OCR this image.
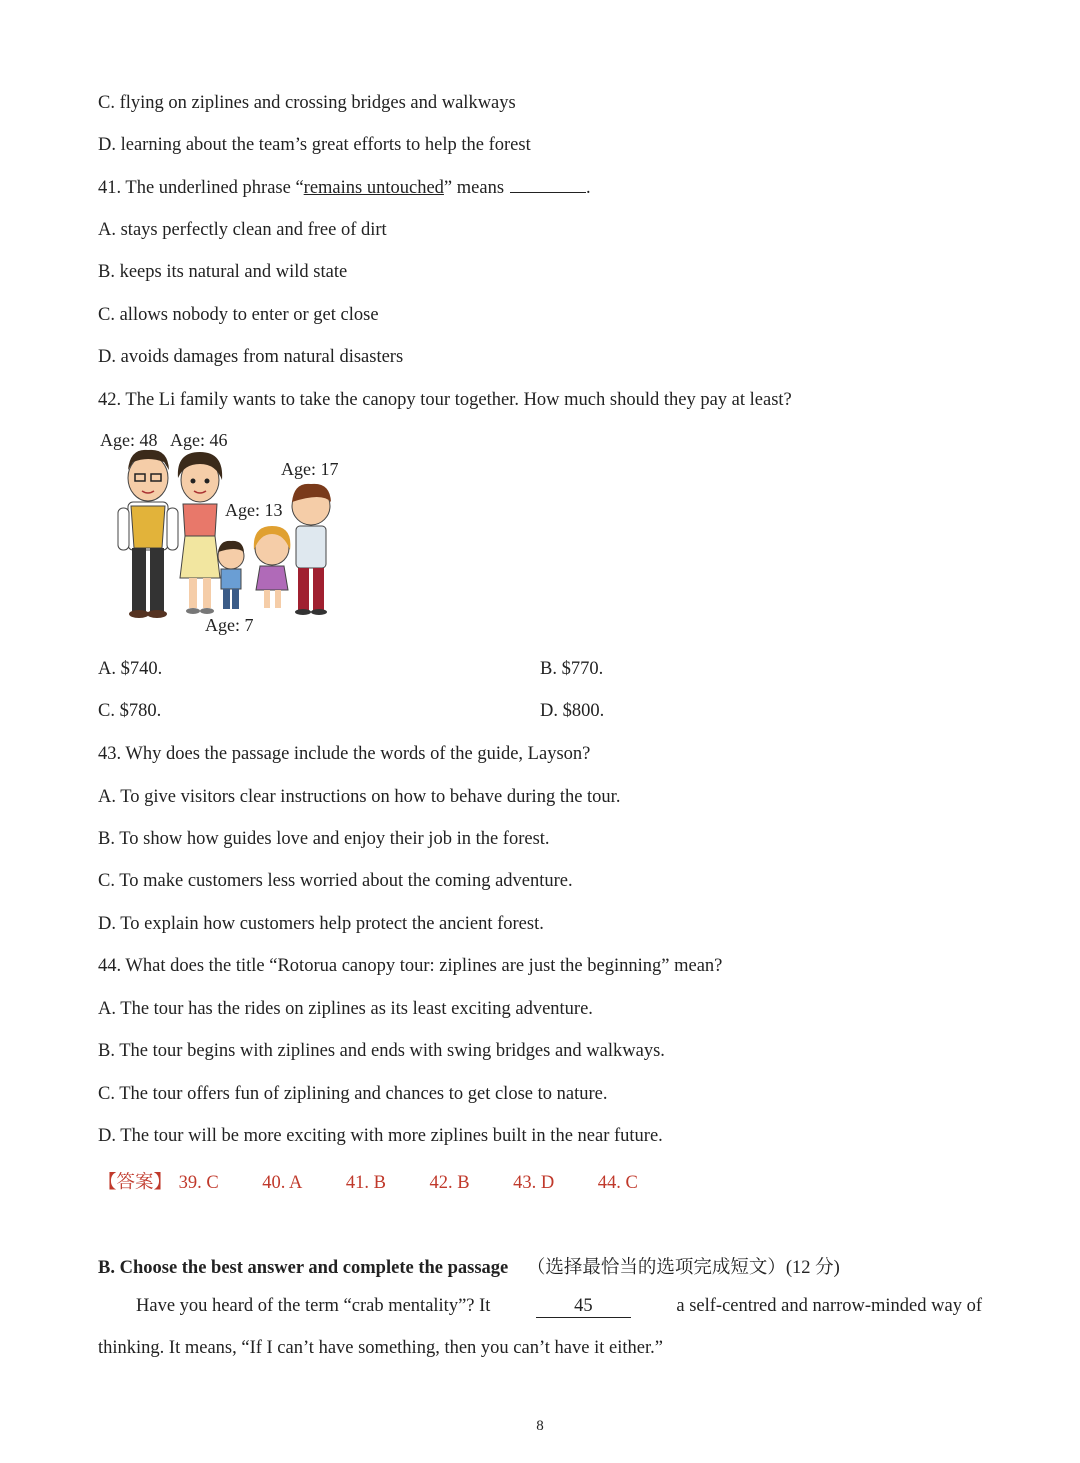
C. flying on ziplines and crossing bridges and walkways
D. learning about the team’s great efforts to help the forest
41. The underlined phrase “remains untouched” means	.
A. stays perfectly clean and free of dirt
B. keeps its natural and wild state
C. allows nobody to enter or get close
D. avoids damages from natural disasters
42. The Li family wants to take the canopy tour together. How much should they pay at least?
Age: 48 Age: 46
Age: 17
Age: 13
Age: 7
A. $740.	B. $770.
C. $780.	D. $800.
43. Why does the passage include the words of the guide, Layson?
A. To give visitors clear instructions on how to behave during the tour.
B. To show how guides love and enjoy their job in the forest.
C. To make customers less worried about the coming adventure.
D. To explain how customers help protect the ancient forest.
44. What does the title “Rotorua canopy tour: ziplines are just the beginning” mean?
A. The tour has the rides on ziplines as its least exciting adventure.
B. The tour begins with ziplines and ends with swing bridges and walkways.
C. The tour offers fun of ziplining and chances to get close to nature.
D. The tour will be more exciting with more ziplines built in the near future.
【答案】 39. C 40. A 41. B 42. B 43. D 44. C
B. Choose the best answer and complete the passage （选择最恰当的选项完成短文）(12 分)
Have you heard of the term “crab mentality”? It	45	a self-centred and narrow-minded way of
thinking. It means, “If I can’t have something, then you can’t have it either.”
8
